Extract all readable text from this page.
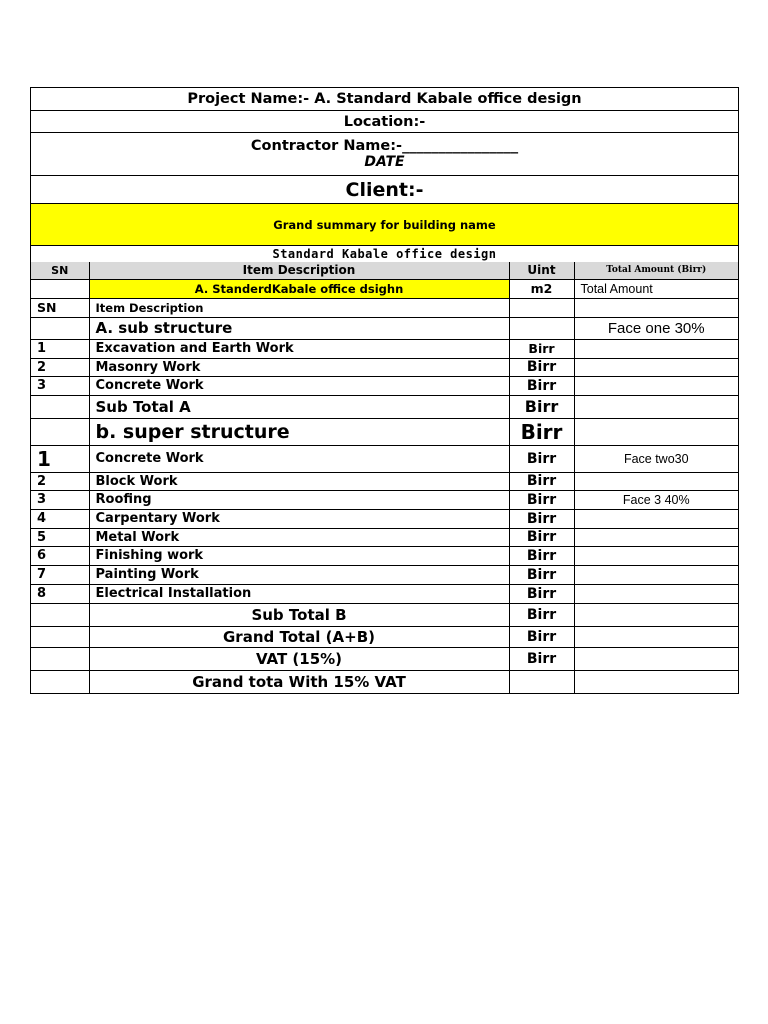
Project Name:- A. Standard Kabale office design
Location:-
Contractor Name:-________________
DATE
Client:-
Grand summary for building name
Standard Kabale office design
SN	Item Description	Uint	Total Amount (Birr)
	A. StanderdKabale office dsighn	m2	Total Amount
SN	Item Description		
	A. sub structure		Face one 30%
1	Excavation and Earth Work	Birr	
2	Masonry Work	Birr	
3	Concrete Work	Birr	
	Sub Total A	Birr	
	b. super structure	Birr	
1	Concrete Work	Birr	Face two30
2	Block Work	Birr	
3	Roofing	Birr	Face 3 40%
4	Carpentary Work	Birr	
5	Metal Work	Birr	
6	Finishing work	Birr	
7	Painting Work	Birr	
8	Electrical Installation	Birr	
	Sub Total B	Birr	
	Grand Total (A+B)	Birr	
	VAT (15%)	Birr	
	Grand tota With 15% VAT		
